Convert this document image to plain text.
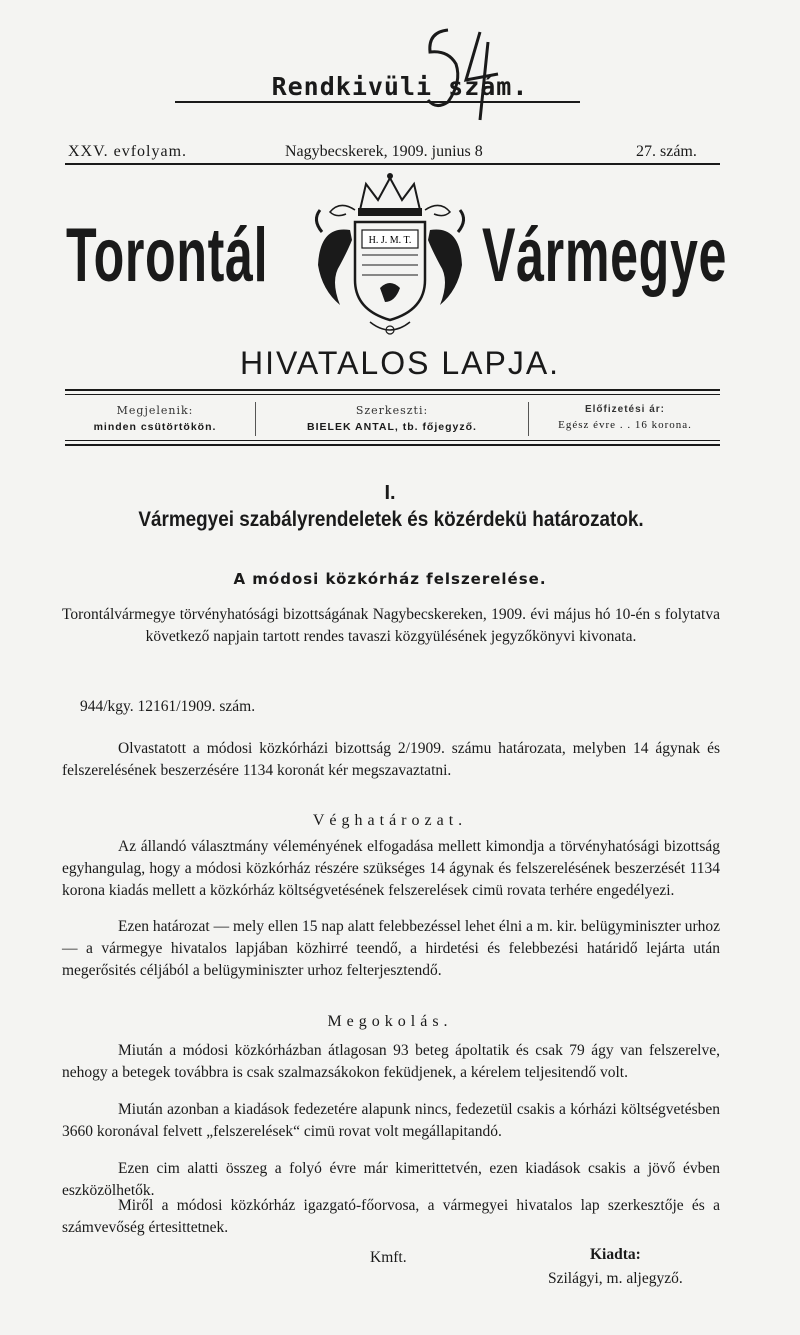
Rendkivüli szám.
XXV. evfolyam.	Nagybecskerek, 1909. junius 8	27. szám.
Torontál	Vármegye
H. J. M. T.
HIVATALOS LAPJA.
Megjelenik:
minden csütörtökön.
Szerkeszti:
BIELEK ANTAL, tb. főjegyző.
Előfizetési ár:
Egész évre . . 16 korona.
I.
Vármegyei szabályrendeletek és közérdekü határozatok.
A módosi közkórház felszerelése.
Torontálvármegye törvényhatósági bizottságának Nagybecskereken, 1909. évi május hó 10-én s folytatva következő napjain tartott rendes tavaszi közgyülésének jegyzőkönyvi kivonata.
944/kgy. 12161/1909. szám.
Olvastatott a módosi közkórházi bizottság 2/1909. számu határozata, melyben 14 ágynak és felszerelésének beszerzésére 1134 koronát kér megszavaztatni.
Véghatározat.
Az állandó választmány véleményének elfogadása mellett kimondja a törvényhatósági bizottság egyhangulag, hogy a módosi közkórház részére szükséges 14 ágynak és felszerelésének beszerzését 1134 korona kiadás mellett a közkórház költségvetésének felszerelések cimü rovata terhére engedélyezi.
Ezen határozat — mely ellen 15 nap alatt felebbezéssel lehet élni a m. kir. belügyminiszter urhoz — a vármegye hivatalos lapjában közhirré teendő, a hirdetési és felebbezési határidő lejárta után megerősités céljából a belügyminiszter urhoz felterjesztendő.
Megokolás.
Miután a módosi közkórházban átlagosan 93 beteg ápoltatik és csak 79 ágy van felszerelve, nehogy a betegek továbbra is csak szalmazsákokon feküdjenek, a kérelem teljesitendő volt.
Miután azonban a kiadások fedezetére alapunk nincs, fedezetül csakis a kórházi költségvetésben 3660 koronával felvett „felszerelések“ cimü rovat volt megállapitandó.
Ezen cim alatti összeg a folyó évre már kimerittetvén, ezen kiadások csakis a jövő évben eszközölhetők.
Miről a módosi közkórház igazgató-főorvosa, a vármegyei hivatalos lap szerkesztője és a számvevőség értesittetnek.
Kmft.	Kiadta:
Szilágyi, m. aljegyző.
